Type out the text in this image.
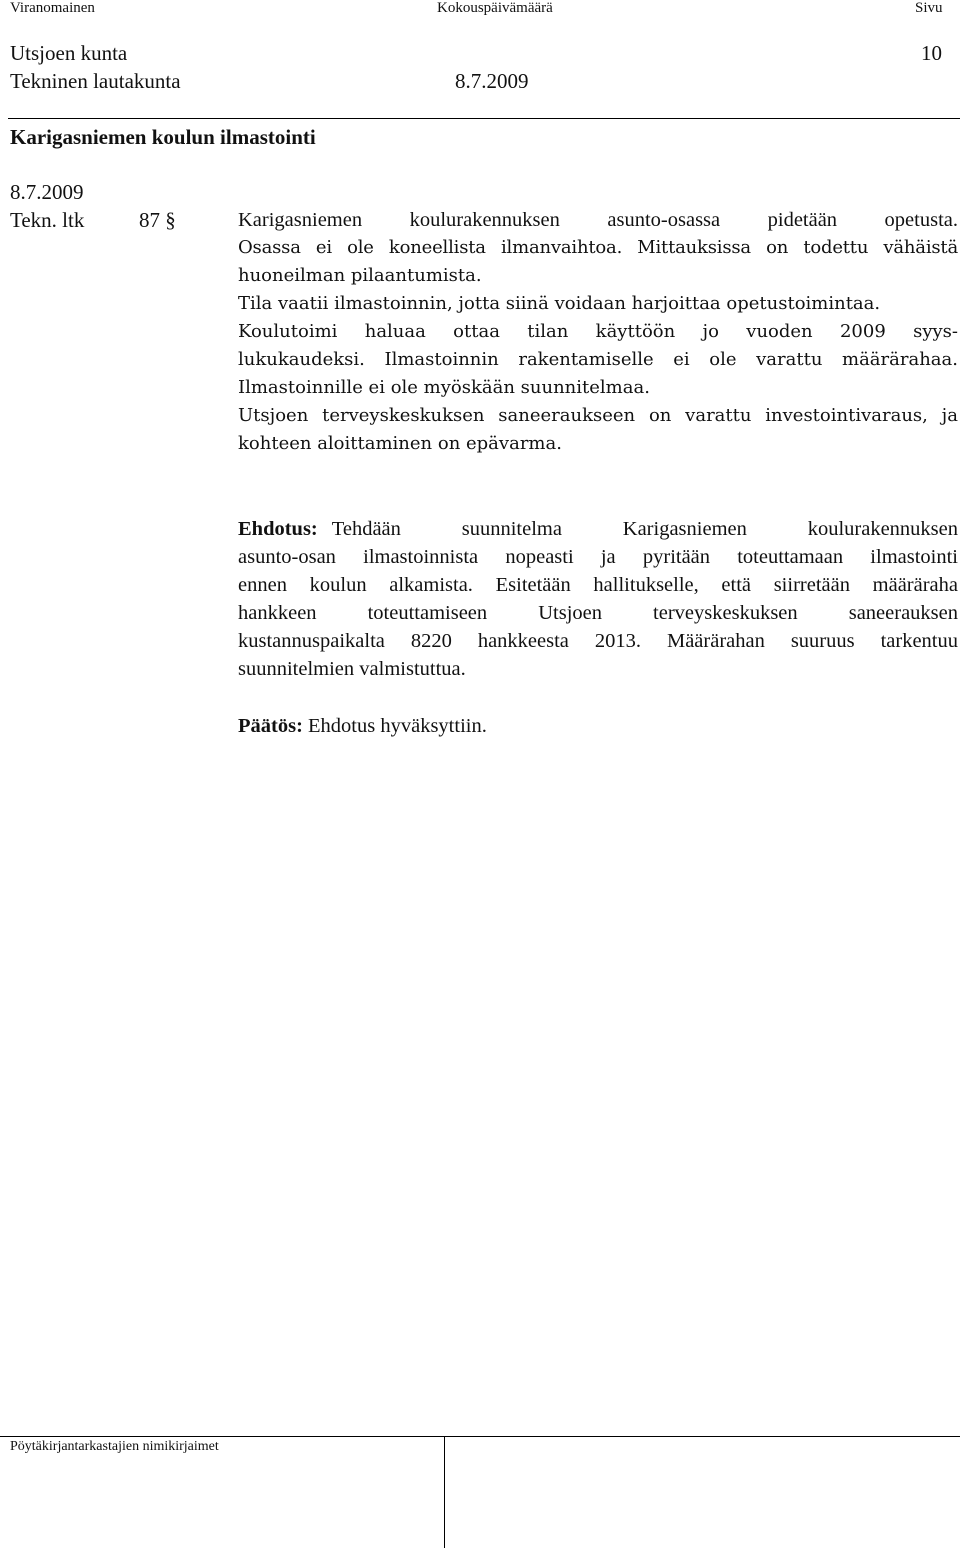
Viranomainen	Kokouspäivämäärä	Sivu
Utsjoen kunta	10
Tekninen lautakunta	8.7.2009
Karigasniemen koulun ilmastointi
8.7.2009
Tekn. ltk	87 §	Karigasniemen koulurakennuksen asunto-osassa pidetään opetusta.
Osassa ei ole koneellista ilmanvaihtoa. Mittauksissa on todettu vähäistä
huoneilman pilaantumista.
Tila vaatii ilmastoinnin, jotta siinä voidaan harjoittaa opetustoimintaa.
Koulutoimi haluaa ottaa tilan käyttöön jo vuoden 2009 syys-
lukukaudeksi. Ilmastoinnin rakentamiselle ei ole varattu määrärahaa.
Ilmastoinnille ei ole myöskään suunnitelmaa.
Utsjoen terveyskeskuksen saneeraukseen on varattu investointivaraus, ja
kohteen aloittaminen on epävarma.
Ehdotus: Tehdään suunnitelma Karigasniemen koulurakennuksen
asunto-osan ilmastoinnista nopeasti ja pyritään toteuttamaan ilmastointi
ennen koulun alkamista. Esitetään hallitukselle, että siirretään määräraha
hankkeen toteuttamiseen Utsjoen terveyskeskuksen saneerauksen
kustannuspaikalta 8220 hankkeesta 2013. Määrärahan suuruus tarkentuu
suunnitelmien valmistuttua.
Päätös: Ehdotus hyväksyttiin.
Pöytäkirjantarkastajien nimikirjaimet
